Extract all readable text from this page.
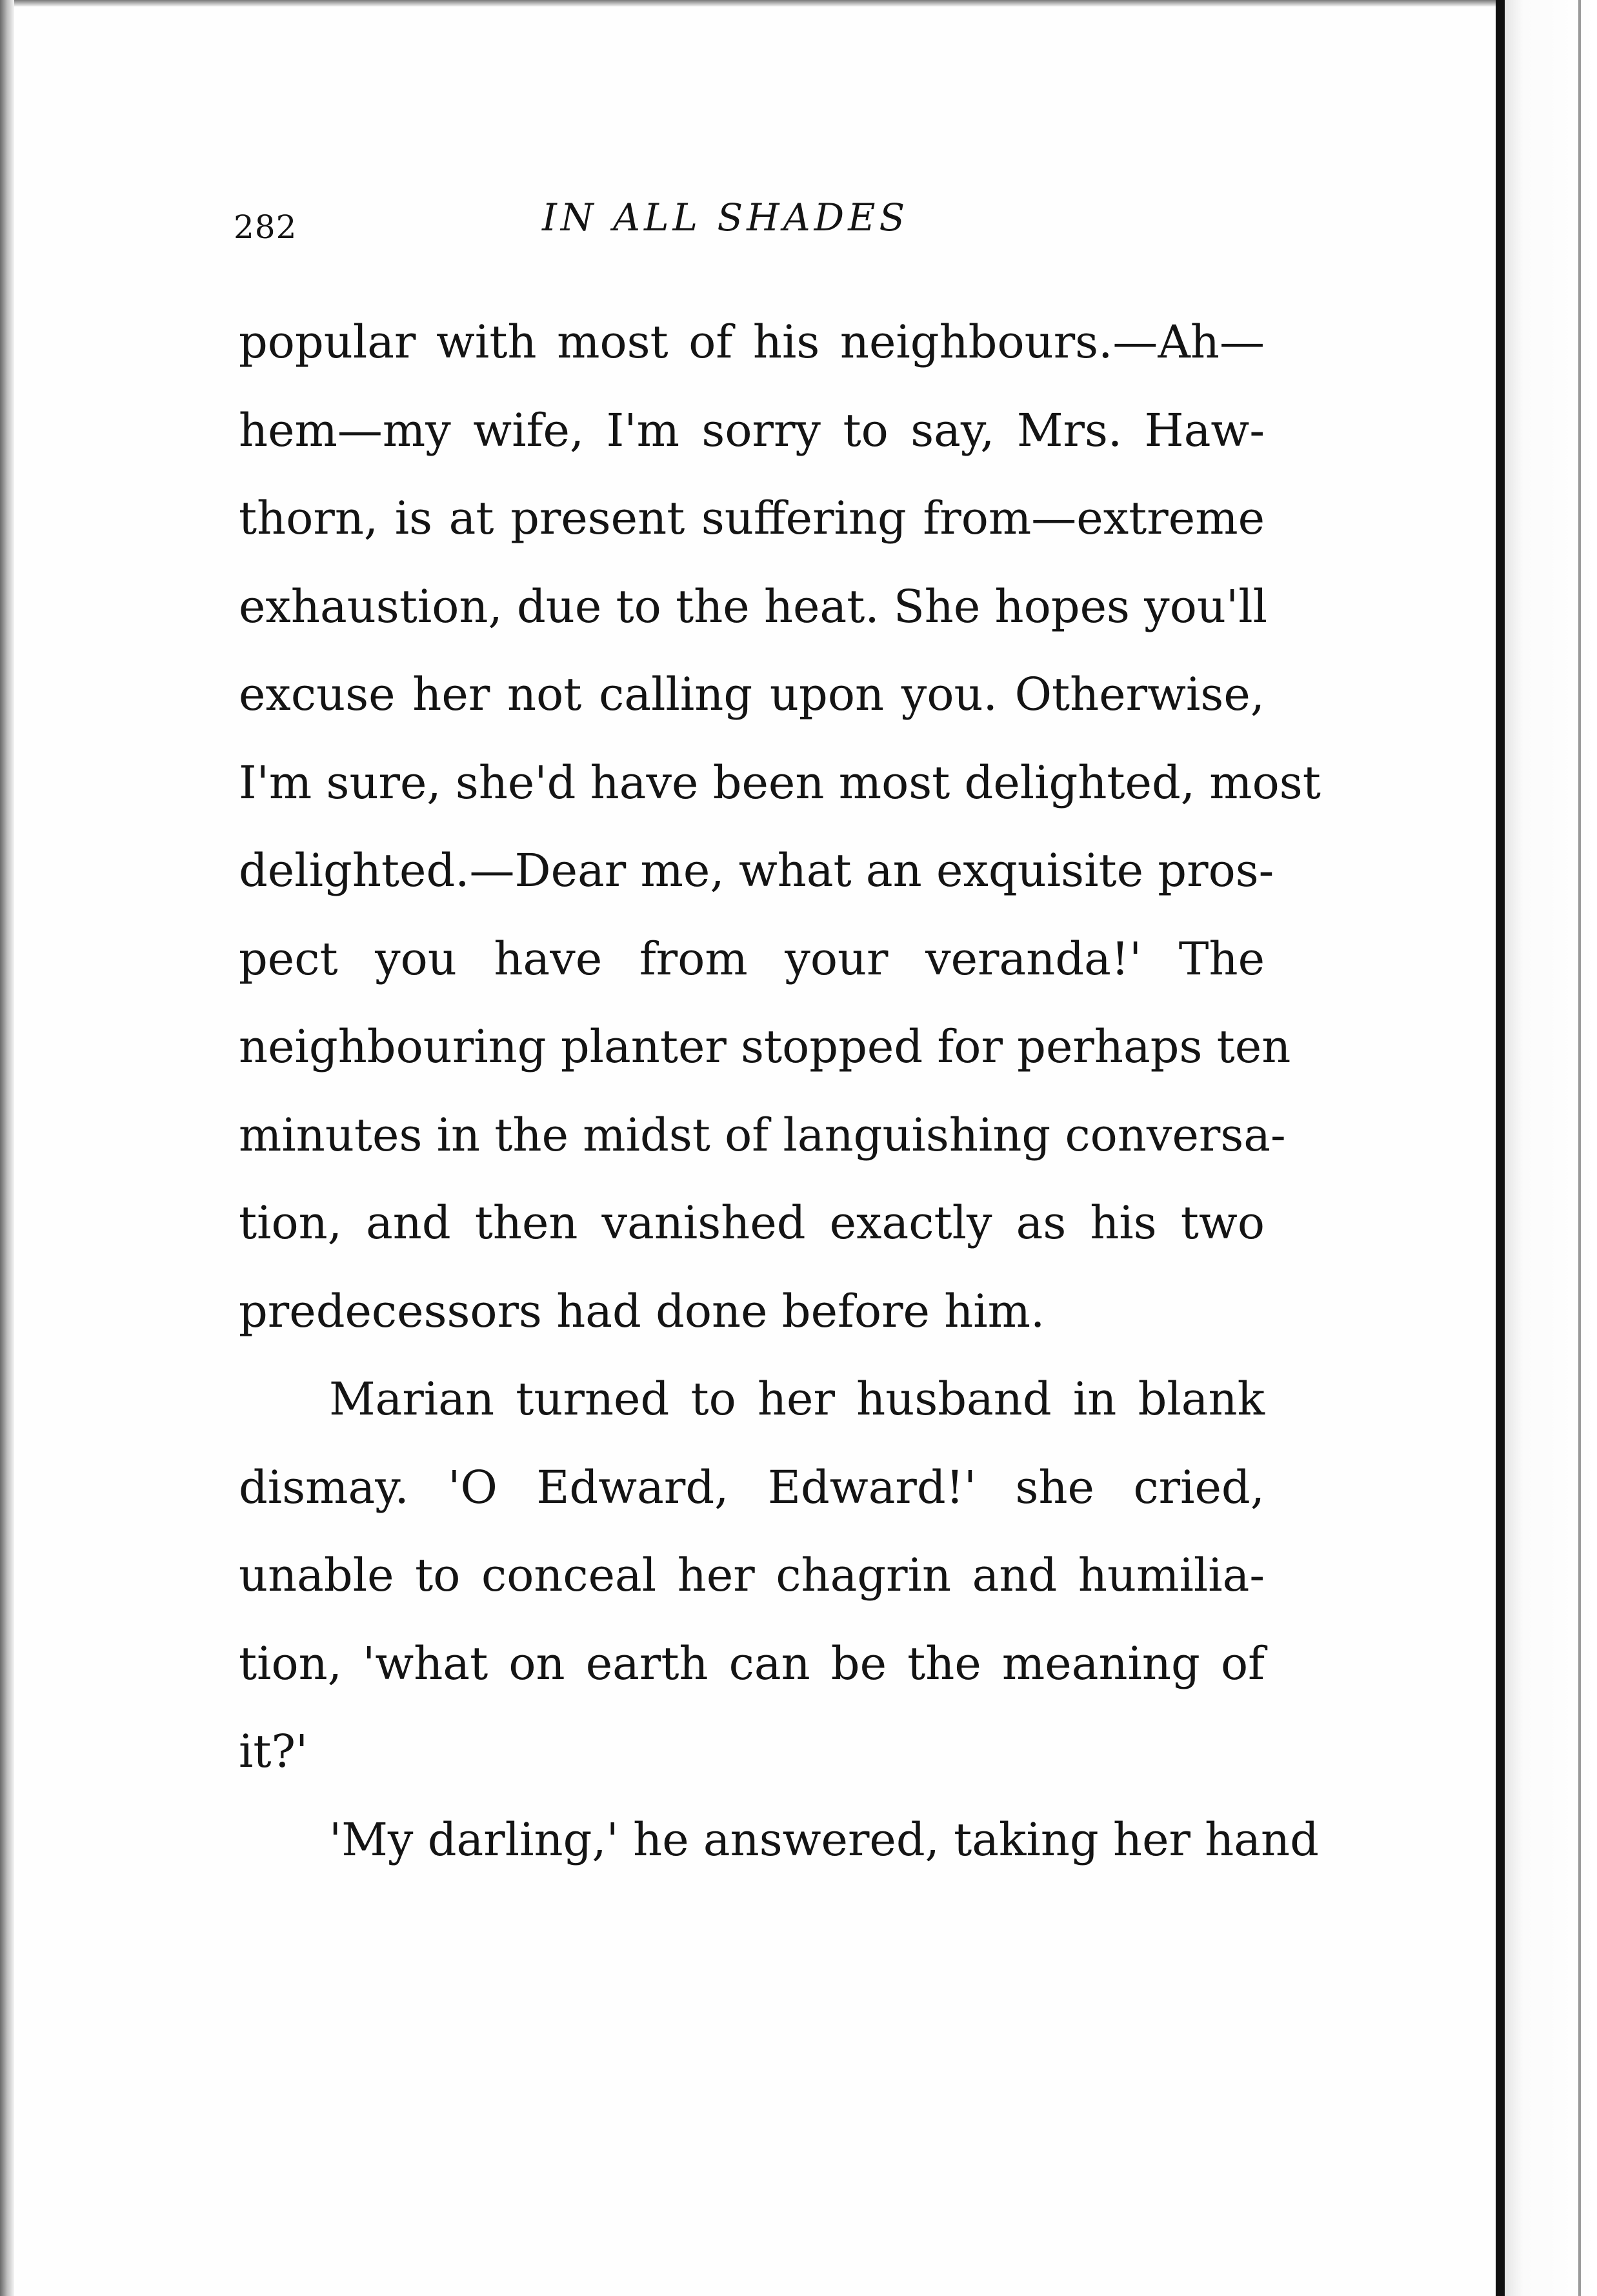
282	IN ALL SHADES
popular with most of his neighbours.—Ah—
hem—my wife, I'm sorry to say, Mrs. Haw-
thorn, is at present suffering from—extreme
exhaustion, due to the heat. She hopes you'll
excuse her not calling upon you. Otherwise,
I'm sure, she'd have been most delighted, most
delighted.—Dear me, what an exquisite pros-
pect you have from your veranda!' The
neighbouring planter stopped for perhaps ten
minutes in the midst of languishing conversa-
tion, and then vanished exactly as his two
predecessors had done before him.
Marian turned to her husband in blank
dismay. 'O Edward, Edward!' she cried,
unable to conceal her chagrin and humilia-
tion, 'what on earth can be the meaning of
it?'
'My darling,' he answered, taking her hand
